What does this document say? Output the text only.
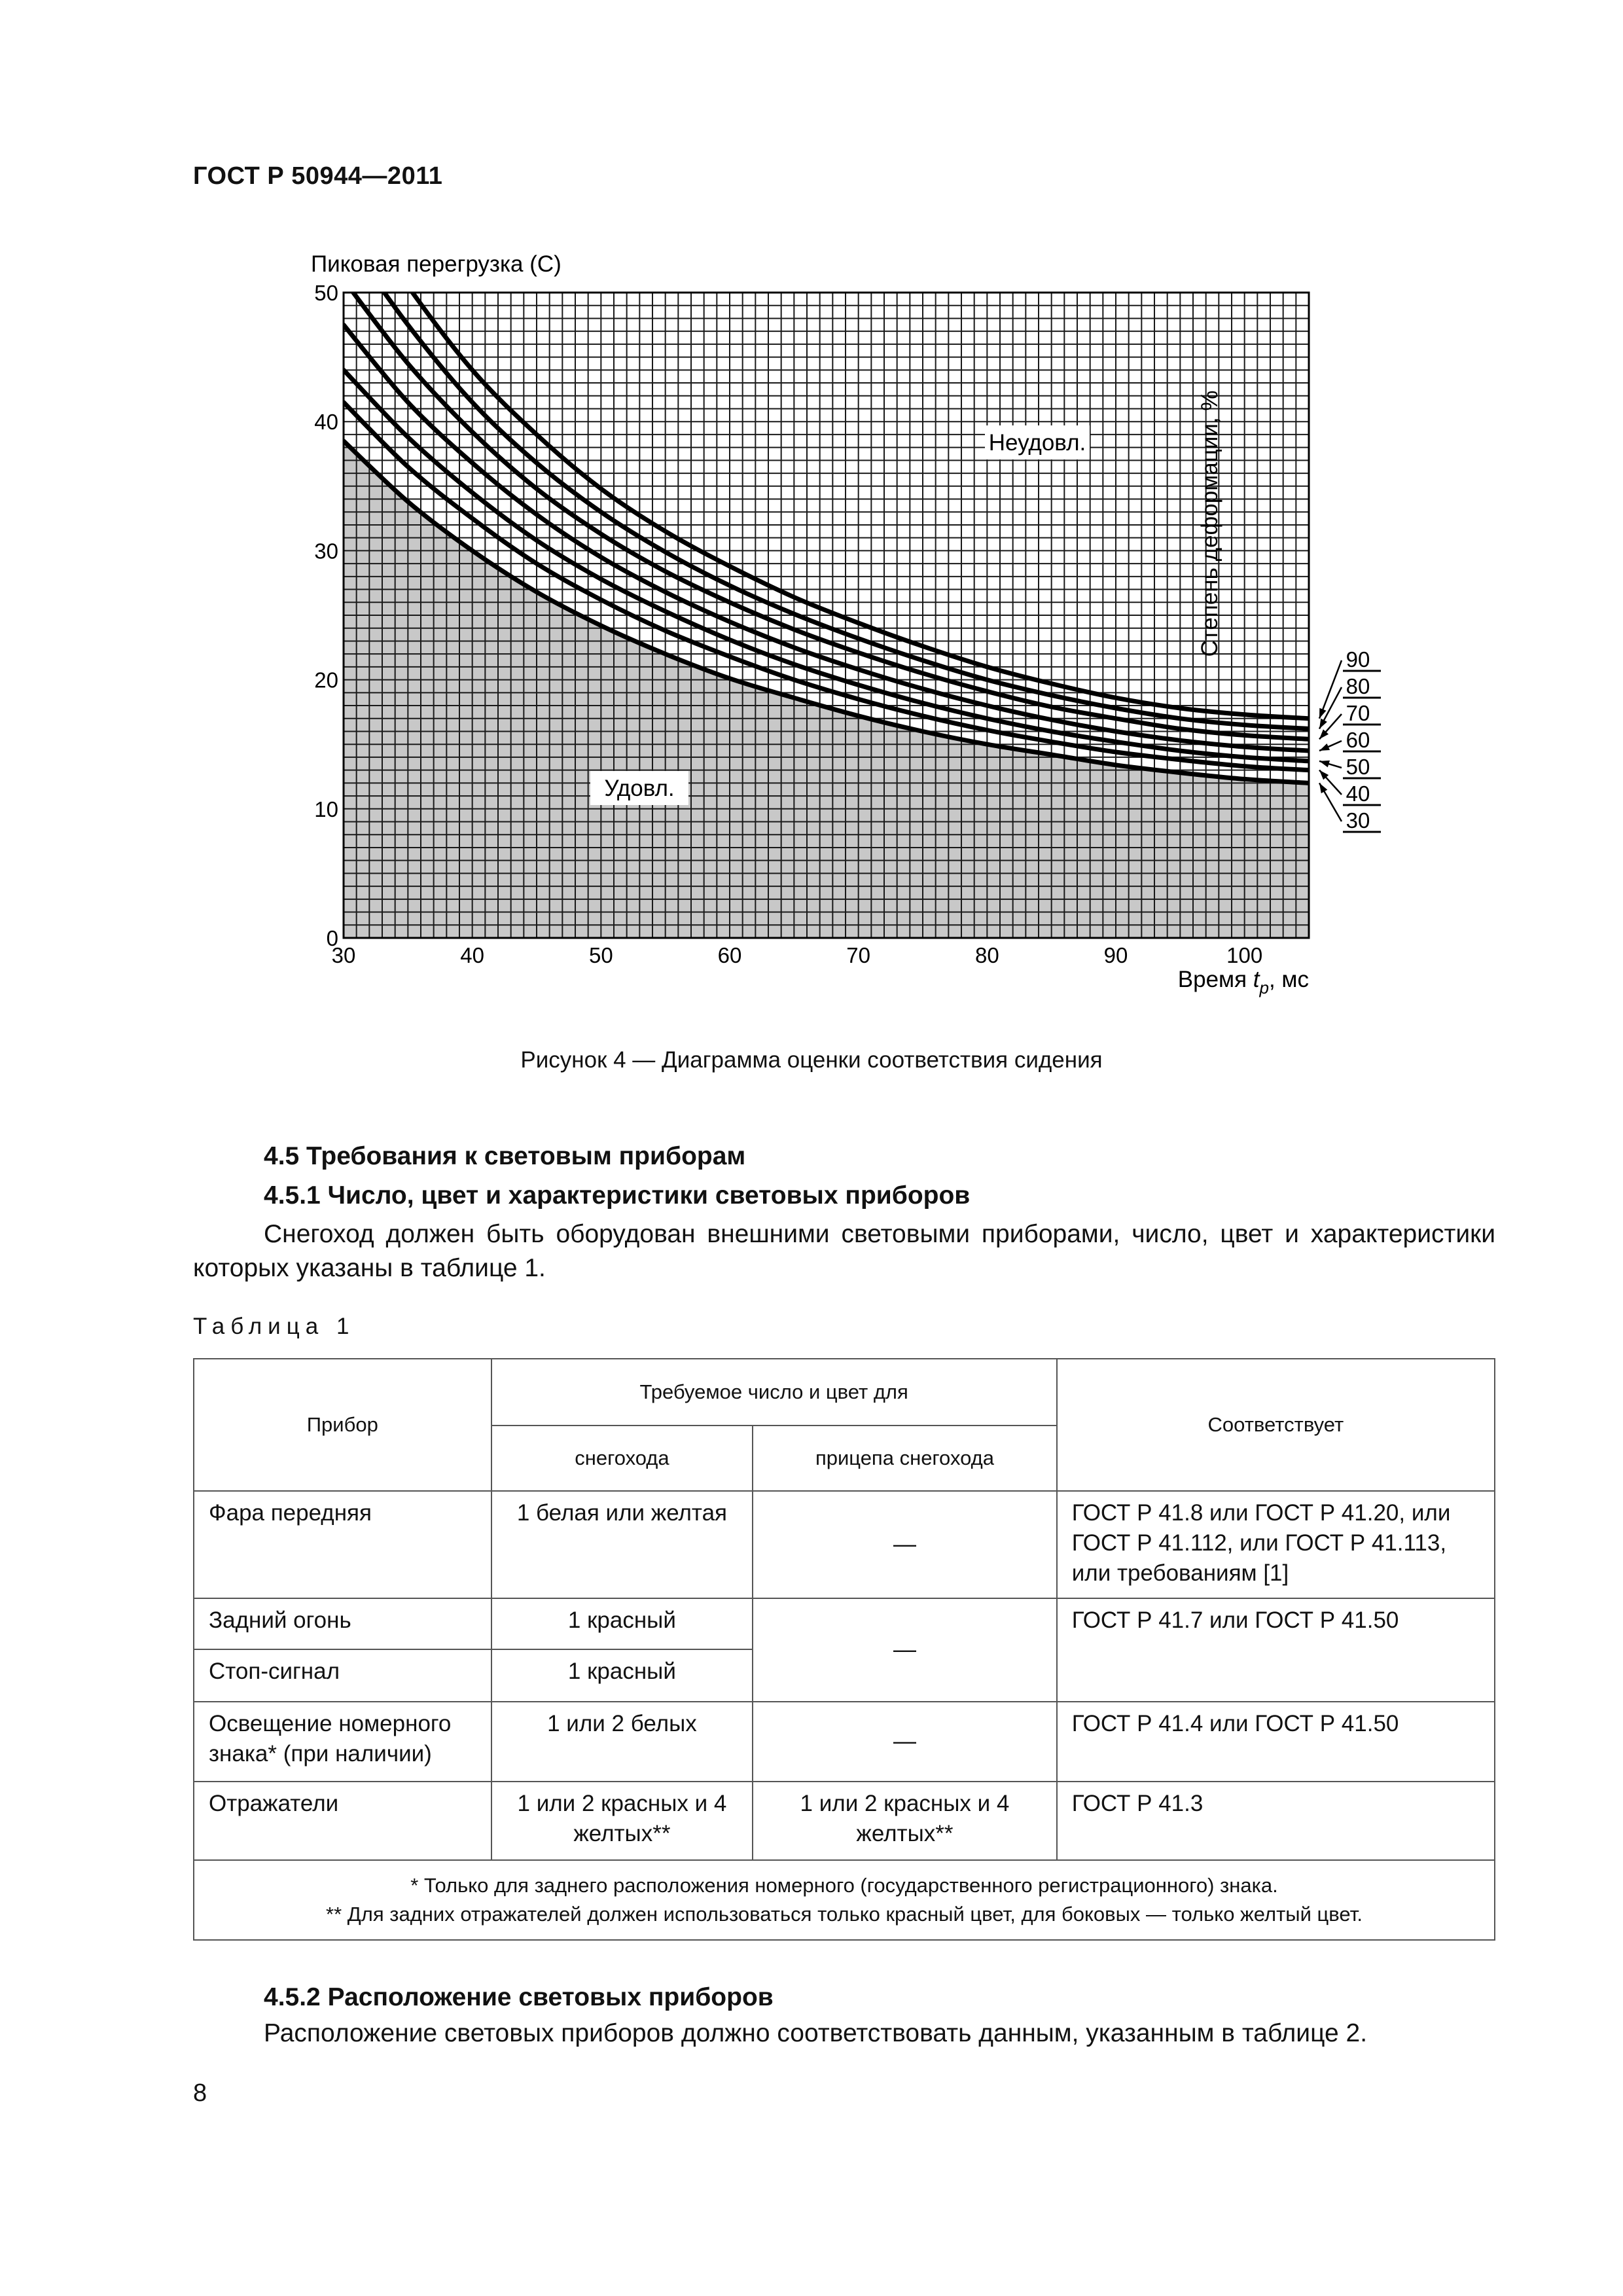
ГОСТ Р 50944—2011
30	40	50	60	70	80	90	100
0
10
20
30
40
50
30
40
50
60
70
80
90
Пиковая перегрузка (С)
Время $t_p$, мс
Степень деформации, %
Неудовл.
Удовл.
Рисунок 4 — Диаграмма оценки соответствия сидения
4.5 Требования к световым приборам
4.5.1 Число, цвет и характеристики световых приборов
Снегоход должен быть оборудован внешними световыми приборами, число, цвет и характеристики которых указаны в таблице 1.
Таблица 1
Прибор	Требуемое число и цвет для		Соответствует
	снегохода	прицепа снегохода	
Фара передняя	1 белая или желтая	—	ГОСТ Р 41.8 или ГОСТ Р 41.20, или ГОСТ Р 41.112, или ГОСТ Р 41.113, или требованиям [1]
Задний огонь	1 красный	—	ГОСТ Р 41.7 или ГОСТ Р 41.50
Стоп-сигнал	1 красный		
Освещение номерного знака* (при наличии)	1 или 2 белых	—	ГОСТ Р 41.4 или ГОСТ Р 41.50
Отражатели	1 или 2 красных и 4 желтых**	1 или 2 красных и 4 желтых**	ГОСТ Р 41.3

* Только для заднего расположения номерного (государственного регистрационного) знака.
** Для задних отражателей должен использоваться только красный цвет, для боковых — только желтый цвет.			
4.5.2 Расположение световых приборов
Расположение световых приборов должно соответствовать данным, указанным в таблице 2.
8
